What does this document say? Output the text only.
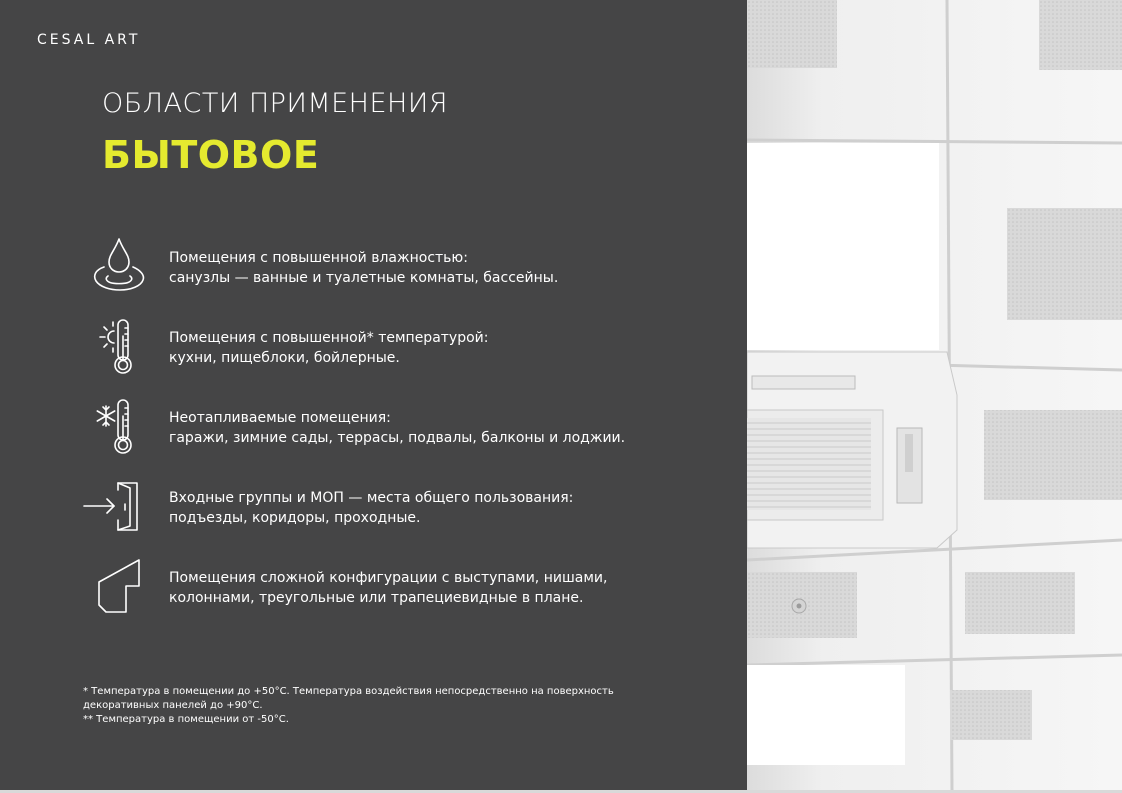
CESAL ART
ОБЛАСТИ ПРИМЕНЕНИЯ
БЫТОВОЕ
Помещения с повышенной влажностью:
санузлы — ванные и туалетные комнаты, бассейны.
Помещения с повышенной* температурой:
кухни, пищеблоки, бойлерные.
Неотапливаемые помещения:
гаражи, зимние сады, террасы, подвалы, балконы и лоджии.
Входные группы и МОП — места общего пользования:
подъезды, коридоры, проходные.
Помещения сложной конфигурации с выступами, нишами,
колоннами, треугольные или трапециевидные в плане.
* Температура в помещении до +50°C. Температура воздействия непосредственно на поверхность
декоративных панелей до +90°C.
** Температура в помещении от -50°C.
